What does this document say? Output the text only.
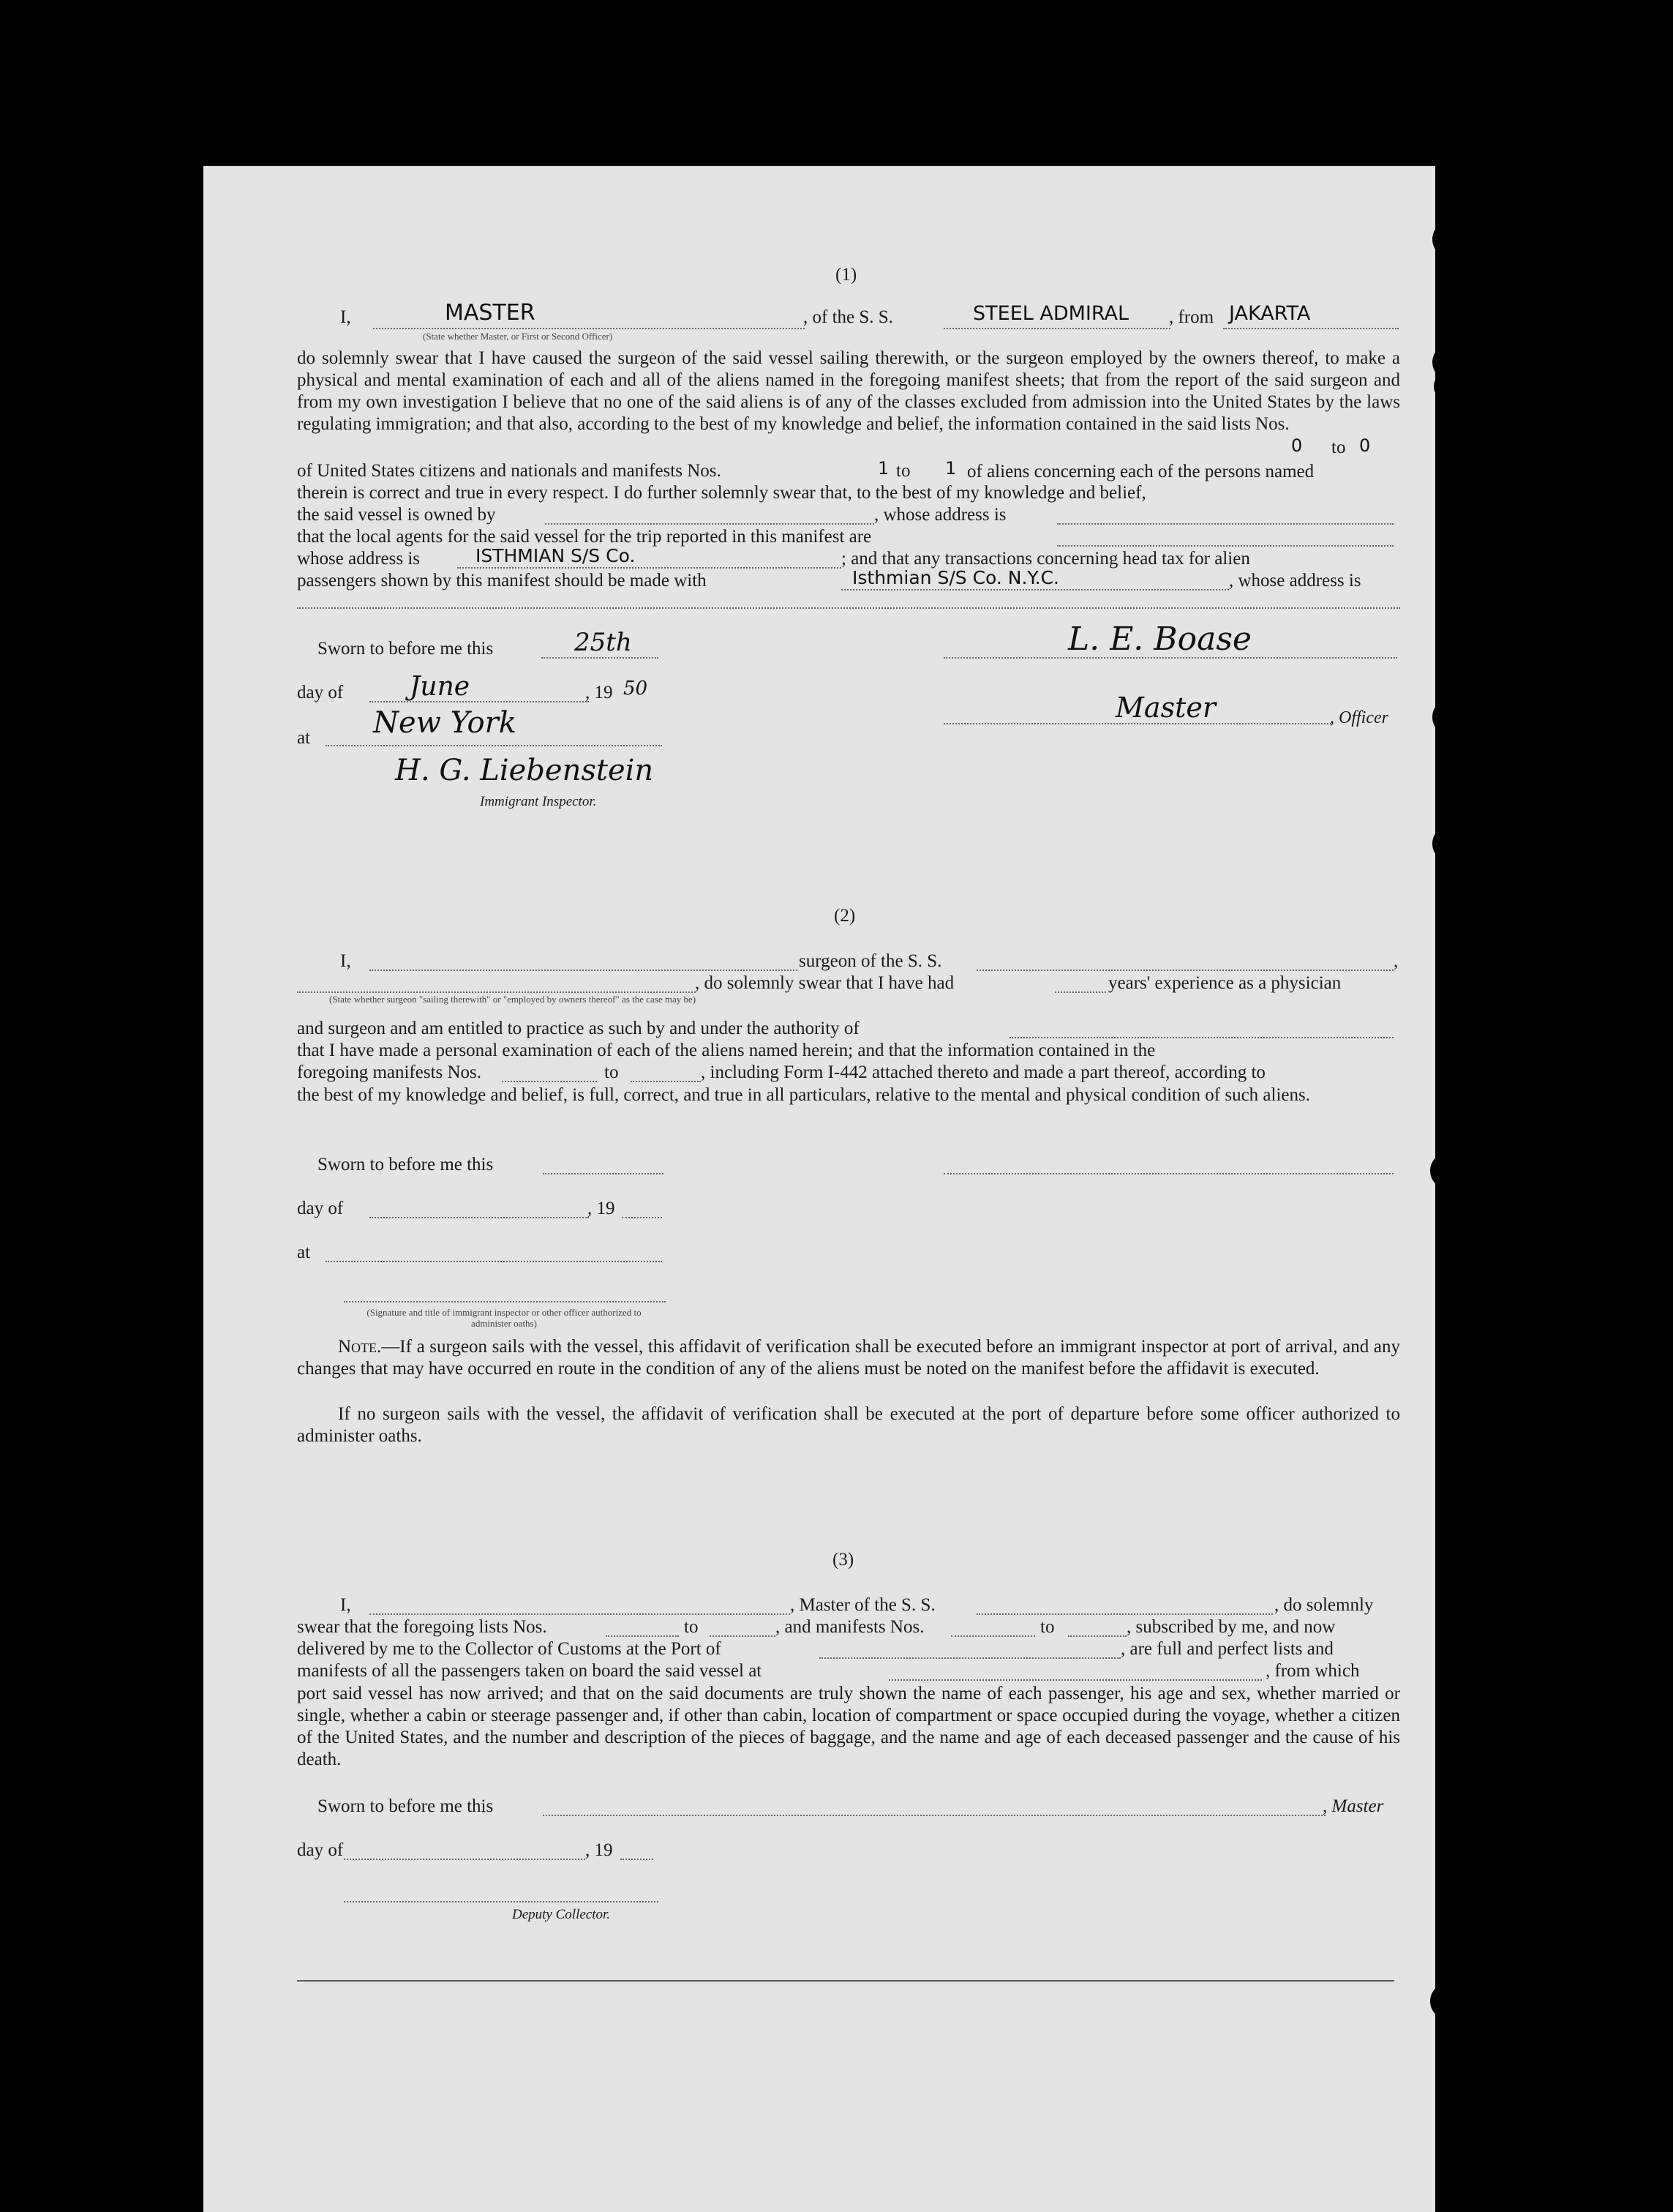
(1)
I,	MASTER	, of the S. S.	STEEL ADMIRAL , from JAKARTA
(State whether Master, or First or Second Officer)
do solemnly swear that I have caused the surgeon of the said vessel sailing therewith, or the surgeon employed by the owners thereof, to make a physical and mental examination of each and all of the aliens named in the foregoing manifest sheets; that from the report of the said surgeon and from my own investigation I believe that no one of the said aliens is of any of the classes excluded from admission into the United States by the laws regulating immigration; and that also, according to the best of my knowledge and belief, the information contained in the said lists Nos.
0 to 0
of United States citizens and nationals and manifests Nos.	1 to 1 of aliens concerning each of the persons named
therein is correct and true in every respect. I do further solemnly swear that, to the best of my knowledge and belief,
the said vessel is owned by	, whose address is
that the local agents for the said vessel for the trip reported in this manifest are
whose address is	ISTHMIAN S/S Co.	; and that any transactions concerning head tax for alien
passengers shown by this manifest should be made with	Isthmian S/S Co. N.Y.C.	, whose address is
Sworn to before me this	25th
day of	June	, 19 50
at New York
H. G. Liebenstein
Immigrant Inspector.
L. E. Boase
Master	, Officer
(2)
I,	surgeon of the S. S.	,
, do solemnly swear that I have had	years' experience as a physician
(State whether surgeon "sailing therewith" or "employed by owners thereof" as the case may be)
and surgeon and am entitled to practice as such by and under the authority of
that I have made a personal examination of each of the aliens named herein; and that the information contained in the
foregoing manifests Nos.	to	, including Form I-442 attached thereto and made a part thereof, according to
the best of my knowledge and belief, is full, correct, and true in all particulars, relative to the mental and physical condition of such aliens.
Sworn to before me this
day of	, 19
at
(Signature and title of immigrant inspector or other officer authorized to administer oaths)
Note.—If a surgeon sails with the vessel, this affidavit of verification shall be executed before an immigrant inspector at port of arrival, and any changes that may have occurred en route in the condition of any of the aliens must be noted on the manifest before the affidavit is executed.
If no surgeon sails with the vessel, the affidavit of verification shall be executed at the port of departure before some officer authorized to administer oaths.
(3)
I,	, Master of the S. S.	, do solemnly
swear that the foregoing lists Nos.	to	, and manifests Nos.	to	, subscribed by me, and now
delivered by me to the Collector of Customs at the Port of	, are full and perfect lists and
manifests of all the passengers taken on board the said vessel at	, from which
port said vessel has now arrived; and that on the said documents are truly shown the name of each passenger, his age and sex, whether married or single, whether a cabin or steerage passenger and, if other than cabin, location of compartment or space occupied during the voyage, whether a citizen of the United States, and the number and description of the pieces of baggage, and the name and age of each deceased passenger and the cause of his death.
Sworn to before me this	, Master
day of	, 19
Deputy Collector.
